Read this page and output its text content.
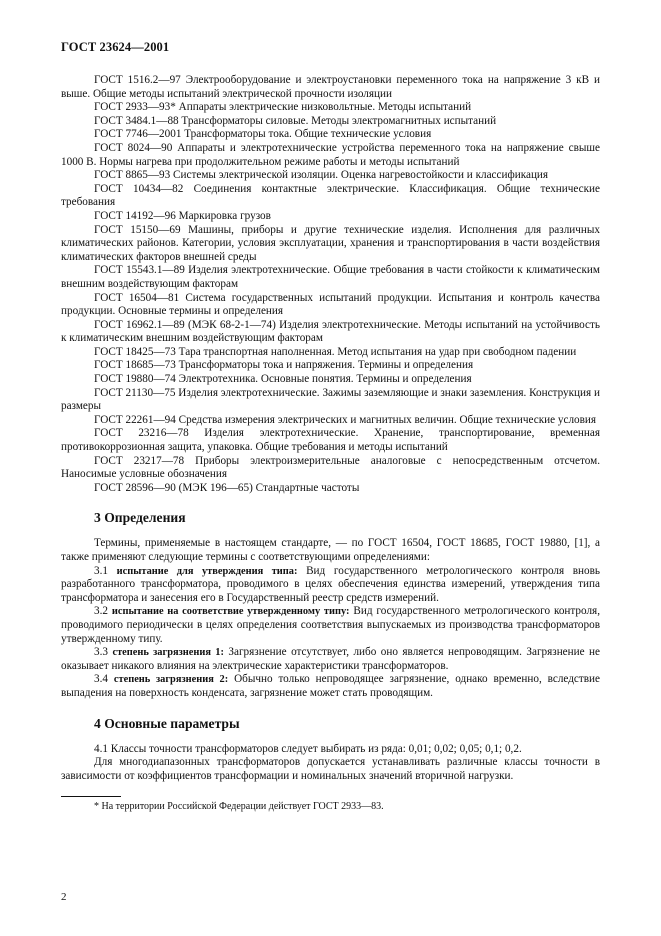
ГОСТ 23624—2001

ГОСТ 1516.2—97 Электрооборудование и электроустановки переменного тока на напряжение 3 кВ и выше. Общие методы испытаний электрической прочности изоляции

ГОСТ 2933—93* Аппараты электрические низковольтные. Методы испытаний

ГОСТ 3484.1—88 Трансформаторы силовые. Методы электромагнитных испытаний

ГОСТ 7746—2001 Трансформаторы тока. Общие технические условия

ГОСТ 8024—90 Аппараты и электротехнические устройства переменного тока на напряжение свыше 1000 В. Нормы нагрева при продолжительном режиме работы и методы испытаний

ГОСТ 8865—93 Системы электрической изоляции. Оценка нагревостойкости и классификация

ГОСТ 10434—82 Соединения контактные электрические. Классификация. Общие технические требования

ГОСТ 14192—96 Маркировка грузов

ГОСТ 15150—69 Машины, приборы и другие технические изделия. Исполнения для различных климатических районов. Категории, условия эксплуатации, хранения и транспортирования в части воздействия климатических факторов внешней среды

ГОСТ 15543.1—89 Изделия электротехнические. Общие требования в части стойкости к климатическим внешним воздействующим факторам

ГОСТ 16504—81 Система государственных испытаний продукции. Испытания и контроль качества продукции. Основные термины и определения

ГОСТ 16962.1—89 (МЭК 68-2-1—74) Изделия электротехнические. Методы испытаний на устойчивость к климатическим внешним воздействующим факторам

ГОСТ 18425—73 Тара транспортная наполненная. Метод испытания на удар при свободном падении

ГОСТ 18685—73 Трансформаторы тока и напряжения. Термины и определения

ГОСТ 19880—74 Электротехника. Основные понятия. Термины и определения

ГОСТ 21130—75 Изделия электротехнические. Зажимы заземляющие и знаки заземления. Конструкция и размеры

ГОСТ 22261—94 Средства измерения электрических и магнитных величин. Общие технические условия

ГОСТ 23216—78 Изделия электротехнические. Хранение, транспортирование, временная противокоррозионная защита, упаковка. Общие требования и методы испытаний

ГОСТ 23217—78 Приборы электроизмерительные аналоговые с непосредственным отсчетом. Наносимые условные обозначения

ГОСТ 28596—90 (МЭК 196—65) Стандартные частоты

3 Определения

Термины, применяемые в настоящем стандарте, — по ГОСТ 16504, ГОСТ 18685, ГОСТ 19880, [1], а также применяют следующие термины с соответствующими определениями:

3.1 испытание для утверждения типа: Вид государственного метрологического контроля вновь разработанного трансформатора, проводимого в целях обеспечения единства измерений, утверждения типа трансформатора и занесения его в Государственный реестр средств измерений.

3.2 испытание на соответствие утвержденному типу: Вид государственного метрологического контроля, проводимого периодически в целях определения соответствия выпускаемых из производства трансформаторов утвержденному типу.

3.3 степень загрязнения 1: Загрязнение отсутствует, либо оно является непроводящим. Загрязнение не оказывает никакого влияния на электрические характеристики трансформаторов.

3.4 степень загрязнения 2: Обычно только непроводящее загрязнение, однако временно, вследствие выпадения на поверхность конденсата, загрязнение может стать проводящим.

4 Основные параметры

4.1 Классы точности трансформаторов следует выбирать из ряда: 0,01; 0,02; 0,05; 0,1; 0,2.

Для многодиапазонных трансформаторов допускается устанавливать различные классы точности в зависимости от коэффициентов трансформации и номинальных значений вторичной нагрузки.

* На территории Российской Федерации действует ГОСТ 2933—83.

2
